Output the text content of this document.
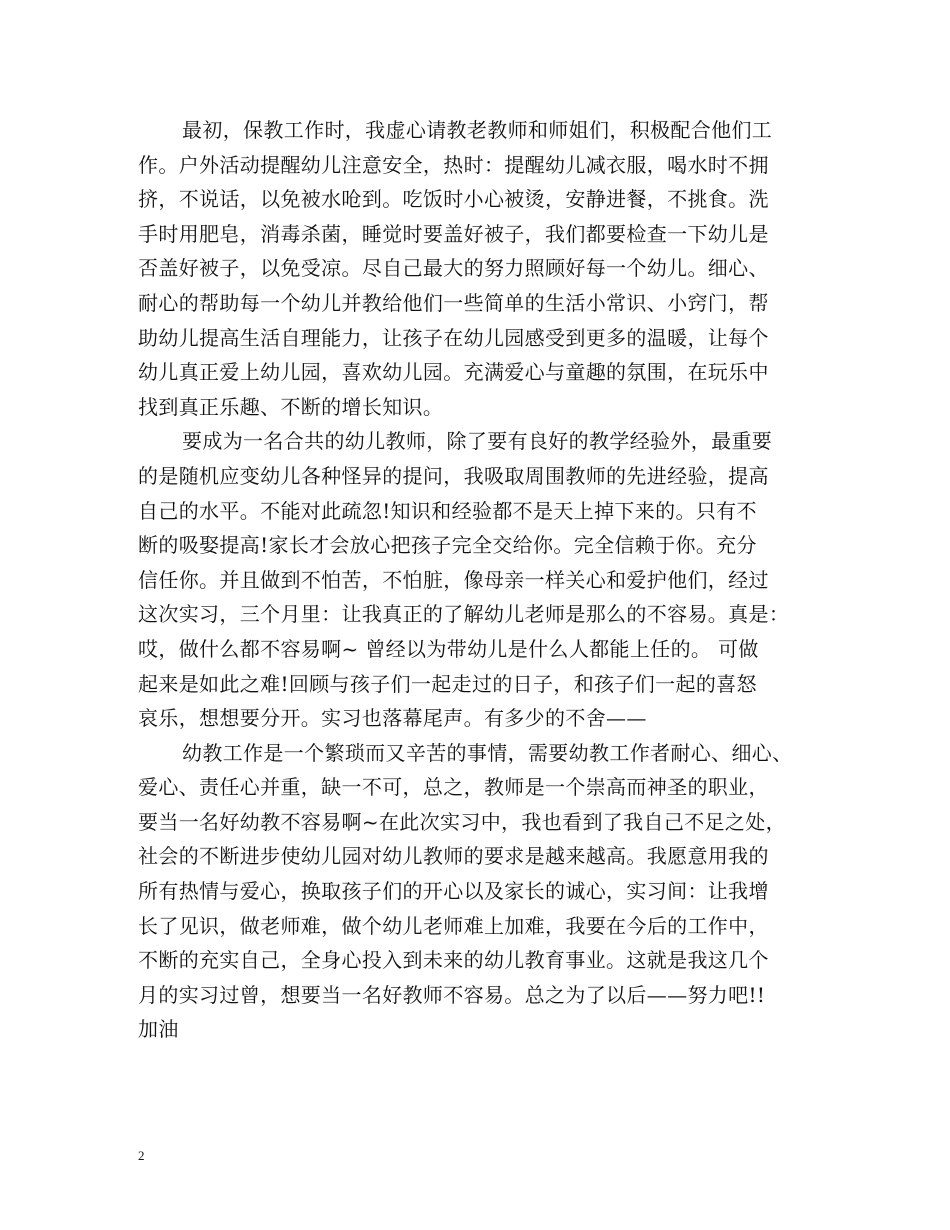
最初，保教工作时，我虚心请教老教师和师姐们，积极配合他们工
作。户外活动提醒幼儿注意安全，热时：提醒幼儿减衣服，喝水时不拥
挤，不说话，以免被水呛到。吃饭时小心被烫，安静进餐，不挑食。洗
手时用肥皂，消毒杀菌，睡觉时要盖好被子，我们都要检查一下幼儿是
否盖好被子，以免受凉。尽自己最大的努力照顾好每一个幼儿。细心、
耐心的帮助每一个幼儿并教给他们一些简单的生活小常识、小窍门，帮
助幼儿提高生活自理能力，让孩子在幼儿园感受到更多的温暖，让每个
幼儿真正爱上幼儿园，喜欢幼儿园。充满爱心与童趣的氛围，在玩乐中
找到真正乐趣、不断的增长知识。
要成为一名合共的幼儿教师，除了要有良好的教学经验外，最重要
的是随机应变幼儿各种怪异的提问，我吸取周围教师的先进经验，提高
自己的水平。不能对此疏忽!知识和经验都不是天上掉下来的。只有不
断的吸娶提高!家长才会放心把孩子完全交给你。完全信赖于你。充分
信任你。并且做到不怕苦，不怕脏，像母亲一样关心和爱护他们，经过
这次实习，三个月里：让我真正的了解幼儿老师是那么的不容易。真是：
哎，做什么都不容易啊~ 曾经以为带幼儿是什么人都能上任的。 可做
起来是如此之难!回顾与孩子们一起走过的日子，和孩子们一起的喜怒
哀乐，想想要分开。实习也落幕尾声。有多少的不舍——
幼教工作是一个繁琐而又辛苦的事情，需要幼教工作者耐心、细心、
爱心、责任心并重，缺一不可，总之，教师是一个崇高而神圣的职业，
要当一名好幼教不容易啊~在此次实习中，我也看到了我自己不足之处，
社会的不断进步使幼儿园对幼儿教师的要求是越来越高。我愿意用我的
所有热情与爱心，换取孩子们的开心以及家长的诚心，实习间：让我增
长了见识，做老师难，做个幼儿老师难上加难，我要在今后的工作中，
不断的充实自己，全身心投入到未来的幼儿教育事业。这就是我这几个
月的实习过曾，想要当一名好教师不容易。总之为了以后——努力吧!!
加油
2
